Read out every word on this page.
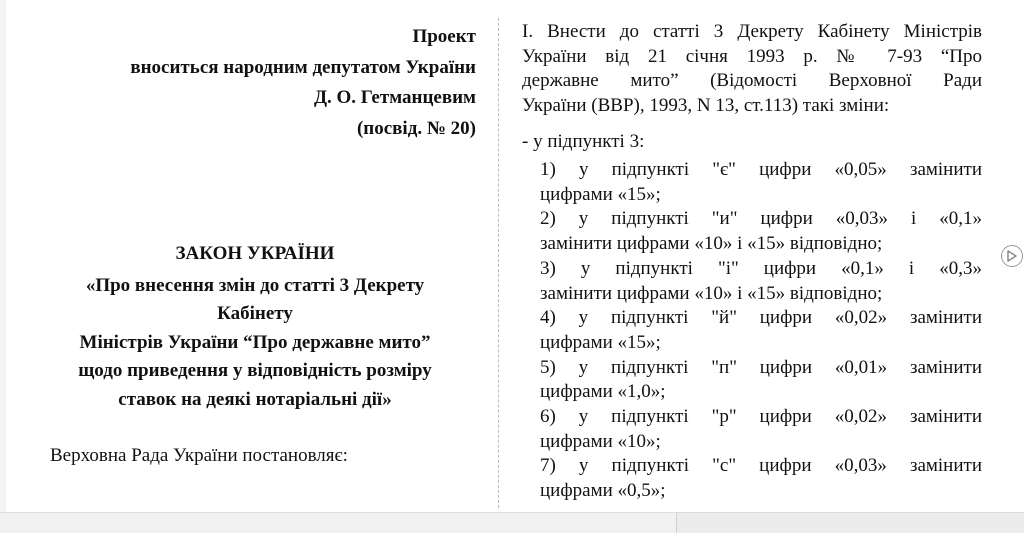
Проект
вноситься народним депутатом України
Д. О. Гетманцевим
(посвід. № 20)
ЗАКОН УКРАЇНИ
«Про внесення змін до статті 3 Декрету
Кабінету
Міністрів України “Про державне мито”
щодо приведення у відповідність розміру
ставок на деякі нотаріальні дії»
Верховна Рада України постановляє:
І. Внести до статті 3 Декрету Кабінету Міністрів
України від 21 січня 1993 р. № 7-93 “Про
державне мито” (Відомості Верховної Ради
України (ВВР), 1993, N 13, ст.113) такі зміни:
- у підпункті 3:
1) у підпункті "є" цифри «0,05» замінити
цифрами «15»;
2) у підпункті "и" цифри «0,03» і «0,1»
замінити цифрами «10» і «15» відповідно;
3) у підпункті "і" цифри «0,1» і «0,3»
замінити цифрами «10» і «15» відповідно;
4) у підпункті "й" цифри «0,02» замінити
цифрами «15»;
5) у підпункті "п" цифри «0,01» замінити
цифрами «1,0»;
6) у підпункті "р" цифри «0,02» замінити
цифрами «10»;
7) у підпункті "с" цифри «0,03» замінити
цифрами «0,5»;
